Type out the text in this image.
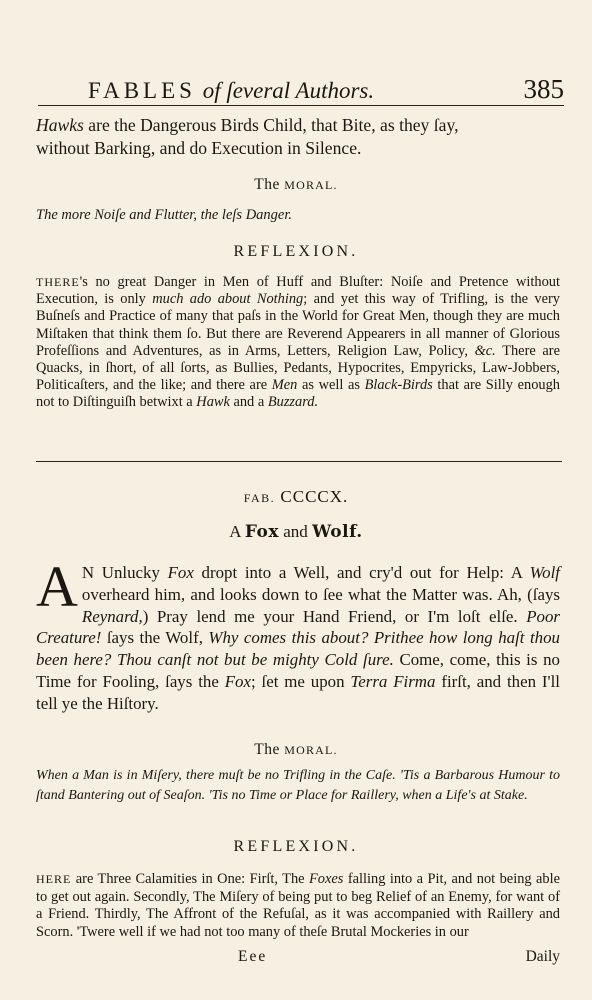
FABLES of ſeveral Authors.	385

Hawks are the Dangerous Birds Child, that Bite, as they ſay,
without Barking, and do Execution in Silence.

The MORAL.

The more Noiſe and Flutter, the leſs Danger.

REFLEXION.

THERE's no great Danger in Men of Huff and Bluſter: Noiſe and Pretence without Execution, is only much ado about Nothing; and yet this way of Trifling, is the very Buſneſs and Practice of many that paſs in the World for Great Men, though they are much Miſtaken that think them ſo. But there are Reverend Appearers in all manner of Glorious Profeſſions and Adventures, as in Arms, Letters, Religion Law, Policy, &c. There are Quacks, in ſhort, of all ſorts, as Bullies, Pedants, Hypocrites, Empyricks, Law-Jobbers, Politicaſters, and the like; and there are Men as well as Black-Birds that are Silly enough not to Diſtinguiſh betwixt a Hawk and a Buzzard.

FAB. CCCCX.
A Fox and Wolf.

A N Unlucky Fox dropt into a Well, and cry'd out for Help: A Wolf overheard him, and looks down to ſee what the Matter was. Ah, (ſays Reynard,) Pray lend me your Hand Friend, or I'm loſt elſe. Poor Creature! ſays the Wolf, Why comes this about? Prithee how long haſt thou been here? Thou canſt not but be mighty Cold ſure. Come, come, this is no Time for Fooling, ſays the Fox; ſet me upon Terra Firma firſt, and then I'll tell ye the Hiſtory.

The MORAL.

When a Man is in Miſery, there muſt be no Trifling in the Caſe. 'Tis a Barbarous Humour to ſtand Bantering out of Seaſon. 'Tis no Time or Place for Raillery, when a Life's at Stake.

REFLEXION.

HERE are Three Calamities in One: Firſt, The Foxes falling into a Pit, and not being able to get out again. Secondly, The Miſery of being put to beg Relief of an Enemy, for want of a Friend. Thirdly, The Affront of the Refuſal, as it was accompanied with Raillery and Scorn. 'Twere well if we had not too many of theſe Brutal Mockeries in our

Eee	Daily
